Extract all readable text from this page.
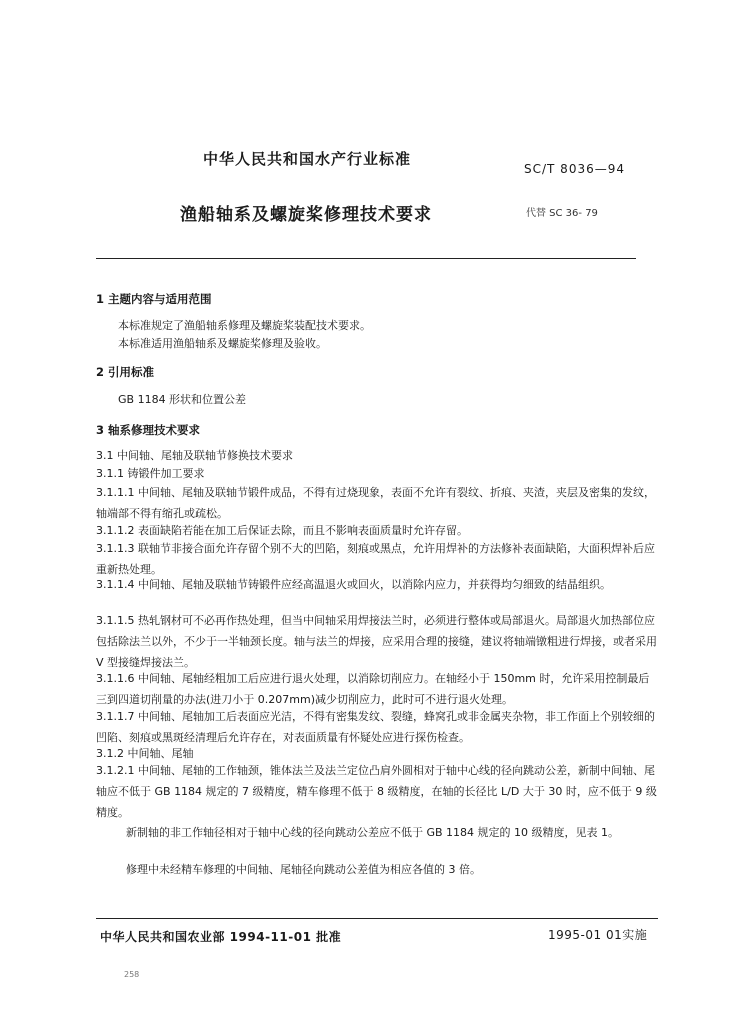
中华人民共和国水产行业标准
SC/T 8036—94
渔船轴系及螺旋桨修理技术要求	代替 SC 36- 79
1 主题内容与适用范围
本标准规定了渔船轴系修理及螺旋桨装配技术要求。
本标准适用渔船轴系及螺旋桨修理及验收。
2 引用标准
GB 1184 形状和位置公差
3 轴系修理技术要求
3.1 中间轴、尾轴及联轴节修换技术要求
3.1.1 铸锻件加工要求
3.1.1.1 中间轴、尾轴及联轴节锻件成品，不得有过烧现象，表面不允许有裂纹、折痕、夹渣，夹层及密集的发纹，轴端部不得有缩孔或疏松。
3.1.1.2 表面缺陷若能在加工后保证去除，而且不影响表面质量时允许存留。
3.1.1.3 联轴节非接合面允许存留个别不大的凹陷，刻痕或黑点，允许用焊补的方法修补表面缺陷，大面积焊补后应重新热处理。
3.1.1.4 中间轴、尾轴及联轴节铸锻件应经高温退火或回火，以消除内应力，并获得均匀细致的结晶组织。
3.1.1.5 热轧钢材可不必再作热处理，但当中间轴采用焊接法兰时，必须进行整体或局部退火。局部退火加热部位应包括除法兰以外，不少于一半轴颈长度。轴与法兰的焊接，应采用合理的接缝，建议将轴端镦粗进行焊接，或者采用 V 型接缝焊接法兰。
3.1.1.6 中间轴、尾轴经粗加工后应进行退火处理，以消除切削应力。在轴经小于 150mm 时，允许采用控制最后三到四道切削量的办法(进刀小于 0.207mm)减少切削应力，此时可不进行退火处理。
3.1.1.7 中间轴、尾轴加工后表面应光洁，不得有密集发纹、裂缝，蜂窝孔或非金属夹杂物，非工作面上个别较细的凹陷、刻痕或黑斑经清理后允许存在，对表面质量有怀疑处应进行探伤检查。
3.1.2 中间轴、尾轴
3.1.2.1 中间轴、尾轴的工作轴颈，锥体法兰及法兰定位凸肩外圆相对于轴中心线的径向跳动公差，新制中间轴、尾轴应不低于 GB 1184 规定的 7 级精度，精车修理不低于 8 级精度，在轴的长径比 L/D 大于 30 时，应不低于 9 级精度。
新制轴的非工作轴径相对于轴中心线的径向跳动公差应不低于 GB 1184 规定的 10 级精度，见表 1。
修理中未经精车修理的中间轴、尾轴径向跳动公差值为相应各值的 3 倍。
中华人民共和国农业部 1994-11-01 批准	1995-01 01实施
258
